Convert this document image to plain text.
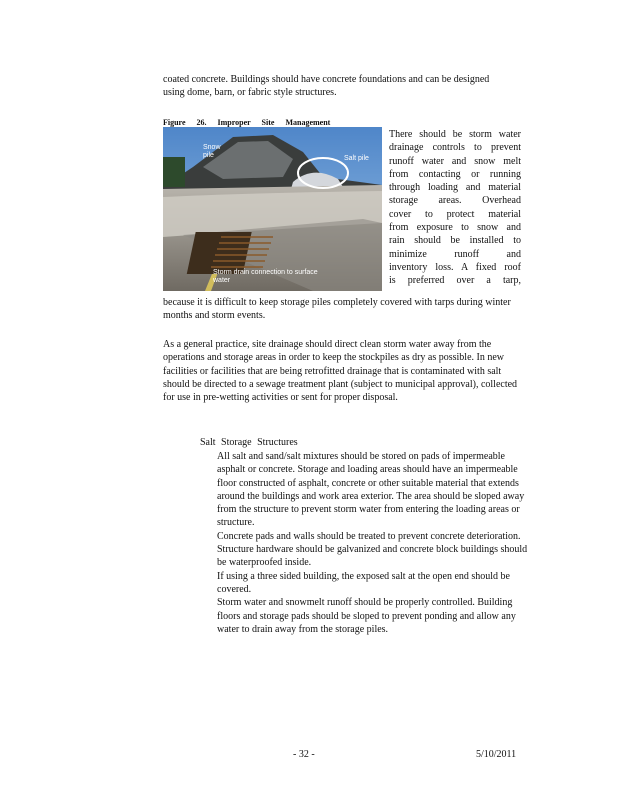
coated concrete. Buildings should have concrete foundations and can be designed using dome, barn, or fabric style structures.
Figure 26. Improper Site Management
Snow pile	Salt pile
Storm drain connection to surface water
There should be storm water
drainage controls to prevent
runoff water and snow melt
from contacting or running
through loading and material
storage areas. Overhead
cover to protect material
from exposure to snow and
rain should be installed to
minimize runoff and
inventory loss. A fixed roof
is preferred over a tarp,
because it is difficult to keep storage piles completely covered with tarps during winter months and storm events.
As a general practice, site drainage should direct clean storm water away from the operations and storage areas in order to keep the stockpiles as dry as possible. In new facilities or facilities that are being retrofitted drainage that is contaminated with salt should be directed to a sewage treatment plant (subject to municipal approval), collected for use in pre-wetting activities or sent for proper disposal.
Salt Storage Structures
All salt and sand/salt mixtures should be stored on pads of impermeable asphalt or concrete. Storage and loading areas should have an impermeable floor constructed of asphalt, concrete or other suitable material that extends around the buildings and work area exterior. The area should be sloped away from the structure to prevent storm water from entering the loading areas or structure.
Concrete pads and walls should be treated to prevent concrete deterioration.
Structure hardware should be galvanized and concrete block buildings should be waterproofed inside.
If using a three sided building, the exposed salt at the open end should be covered.
Storm water and snowmelt runoff should be properly controlled. Building floors and storage pads should be sloped to prevent ponding and allow any water to drain away from the storage piles.
- 32 -	5/10/2011
